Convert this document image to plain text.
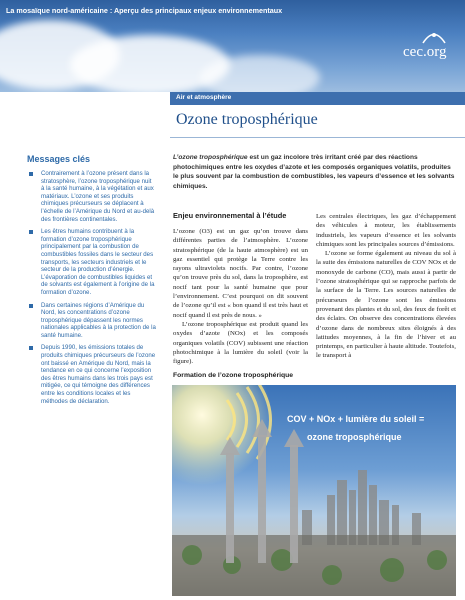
La mosaïque nord-américaine : Aperçu des principaux enjeux environnementaux
cec.org
Air et atmosphère
Ozone troposphérique
Messages clés
Contrairement à l’ozone présent dans la stratosphère, l’ozone troposphérique nuit à la santé humaine, à la végétation et aux matériaux. L’ozone et ses produits chimiques précurseurs se déplacent à l’échelle de l’Amérique du Nord et au-delà des frontières continentales.
Les êtres humains contribuent à la formation d’ozone troposphérique principalement par la combustion de combustibles fossiles dans le secteur des transports, les secteurs industriels et le secteur de la production d’énergie. L’évaporation de combustibles liquides et de solvants est également à l’origine de la formation d’ozone.
Dans certaines régions d’Amérique du Nord, les concentrations d’ozone troposphérique dépassent les normes nationales applicables à la protection de la santé humaine.
Depuis 1990, les émissions totales de produits chimiques précurseurs de l’ozone ont baissé en Amérique du Nord, mais la tendance en ce qui concerne l’exposition des êtres humains dans les trois pays est mitigée, ce qui témoigne des différences entre les conditions locales et les méthodes de déclaration.
L’ozone troposphérique est un gaz incolore très irritant créé par des réactions photochimiques entre les oxydes d’azote et les composés organiques volatils, produites le plus souvent par la combustion de combustibles, les vapeurs d’essence et les solvants chimiques.
Enjeu environnemental à l’étude

L’ozone (O3) est un gaz qu’on trouve dans différentes parties de l’atmosphère. L’ozone stratosphérique (de la haute atmosphère) est un gaz essentiel qui protège la Terre contre les rayons ultraviolets nocifs. Par contre, l’ozone qu’on trouve près du sol, dans la troposphère, est nocif tant pour la santé humaine que pour l’environnement. C’est pourquoi on dit souvent de l’ozone qu’il est « bon quand il est très haut et nocif quand il est près de nous. »

L’ozone troposphérique est produit quand les oxydes d’azote (NOx) et les composés organiques volatils (COV) subissent une réaction photochimique à la lumière du soleil (voir la figure).

Les centrales électriques, les gaz d’échappement des véhicules à moteur, les établissements industriels, les vapeurs d’essence et les solvants chimiques sont les principales sources d’émissions.

L’ozone se forme également au niveau du sol à la suite des émissions naturelles de COV NOx et de monoxyde de carbone (CO), mais aussi à partir de l’ozone stratosphérique qui se rapproche parfois de la surface de la Terre. Les sources naturelles de précurseurs de l’ozone sont les émissions provenant des plantes et du sol, des feux de forêt et des éclairs. On observe des concentrations élevées d’ozone dans de nombreux sites éloignés à des latitudes moyennes, à la fin de l’hiver et au printemps, en particulier à haute altitude. Toutefois, le transport à

Formation de l’ozone troposphérique
COV + NOx + lumière du soleil =
ozone troposphérique
